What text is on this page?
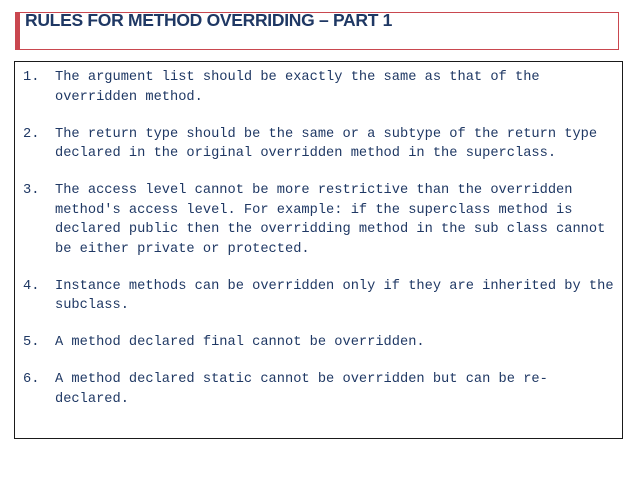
RULES FOR METHOD OVERRIDING – PART 1
1.	The argument list should be exactly the same as that of the overridden method.
2.	The return type should be the same or a subtype of the return type declared in the original overridden method in the superclass.
3.	The access level cannot be more restrictive than the overridden method's access level. For example: if the superclass method is declared public then the overridding method in the sub class cannot be either private or protected.
4.	Instance methods can be overridden only if they are inherited by the subclass.
5.	A method declared final cannot be overridden.
6.	A method declared static cannot be overridden but can be re-declared.
